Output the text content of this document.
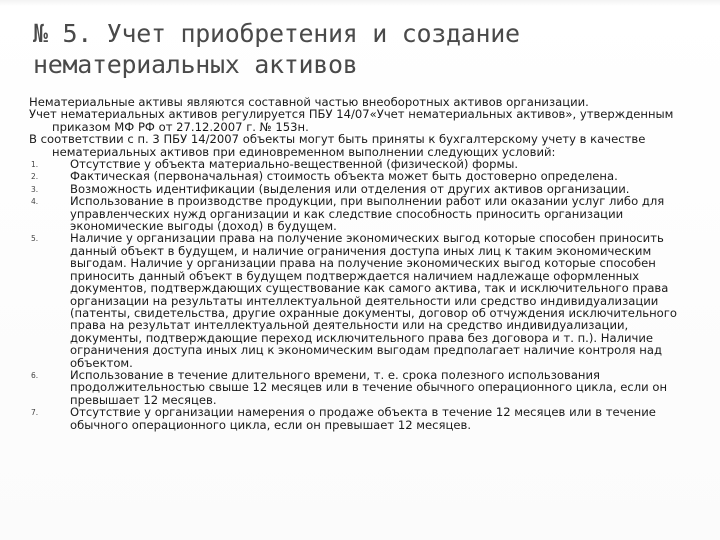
№ 5. Учет приобретения и создание нематериальных активов

Нематериальные активы являются составной частью внеоборотных активов организации.

Учет нематериальных активов регулируется ПБУ 14/07«Учет нематериальных активов», утвержденным приказом МФ РФ от 27.12.2007 г. № 153н.

В соответствии с п. 3 ПБУ 14/2007 объекты могут быть приняты к бухгалтерскому учету в качестве нематериальных активов при единовременном выполнении следующих условий:

1.	Отсутствие у объекта материально-вещественной (физической) формы.
2.	Фактическая (первоначальная) стоимость объекта может быть достоверно определена.
3.	Возможность идентификации (выделения или отделения от других активов организации.
4.	Использование в производстве продукции, при выполнении работ или оказании услуг либо для управленческих нужд организации и как следствие способность приносить организации экономические выгоды (доход) в будущем.
5.	Наличие у организации права на получение экономических выгод которые способен приносить данный объект в будущем, и наличие ограничения доступа иных лиц к таким экономическим выгодам. Наличие у организации права на получение экономических выгод которые способен приносить данный объект в будущем подтверждается наличием надлежаще оформленных документов, подтверждающих существование как самого актива, так и исключительного права организации на результаты интеллектуальной деятельности или средство индивидуализации (патенты, свидетельства, другие охранные документы, договор об отчуждения исключительного права на результат интеллектуальной деятельности или на средство индивидуализации, документы, подтверждающие переход исключительного права без договора и т. п.). Наличие ограничения доступа иных лиц к экономическим выгодам предполагает наличие контроля над объектом.
6.	Использование в течение длительного времени, т. е. срока полезного использования продолжительностью свыше 12 месяцев или в течение обычного операционного цикла, если он превышает 12 месяцев.
7.	Отсутствие у организации намерения о продаже объекта в течение 12 месяцев или в течение обычного операционного цикла, если он превышает 12 месяцев.
